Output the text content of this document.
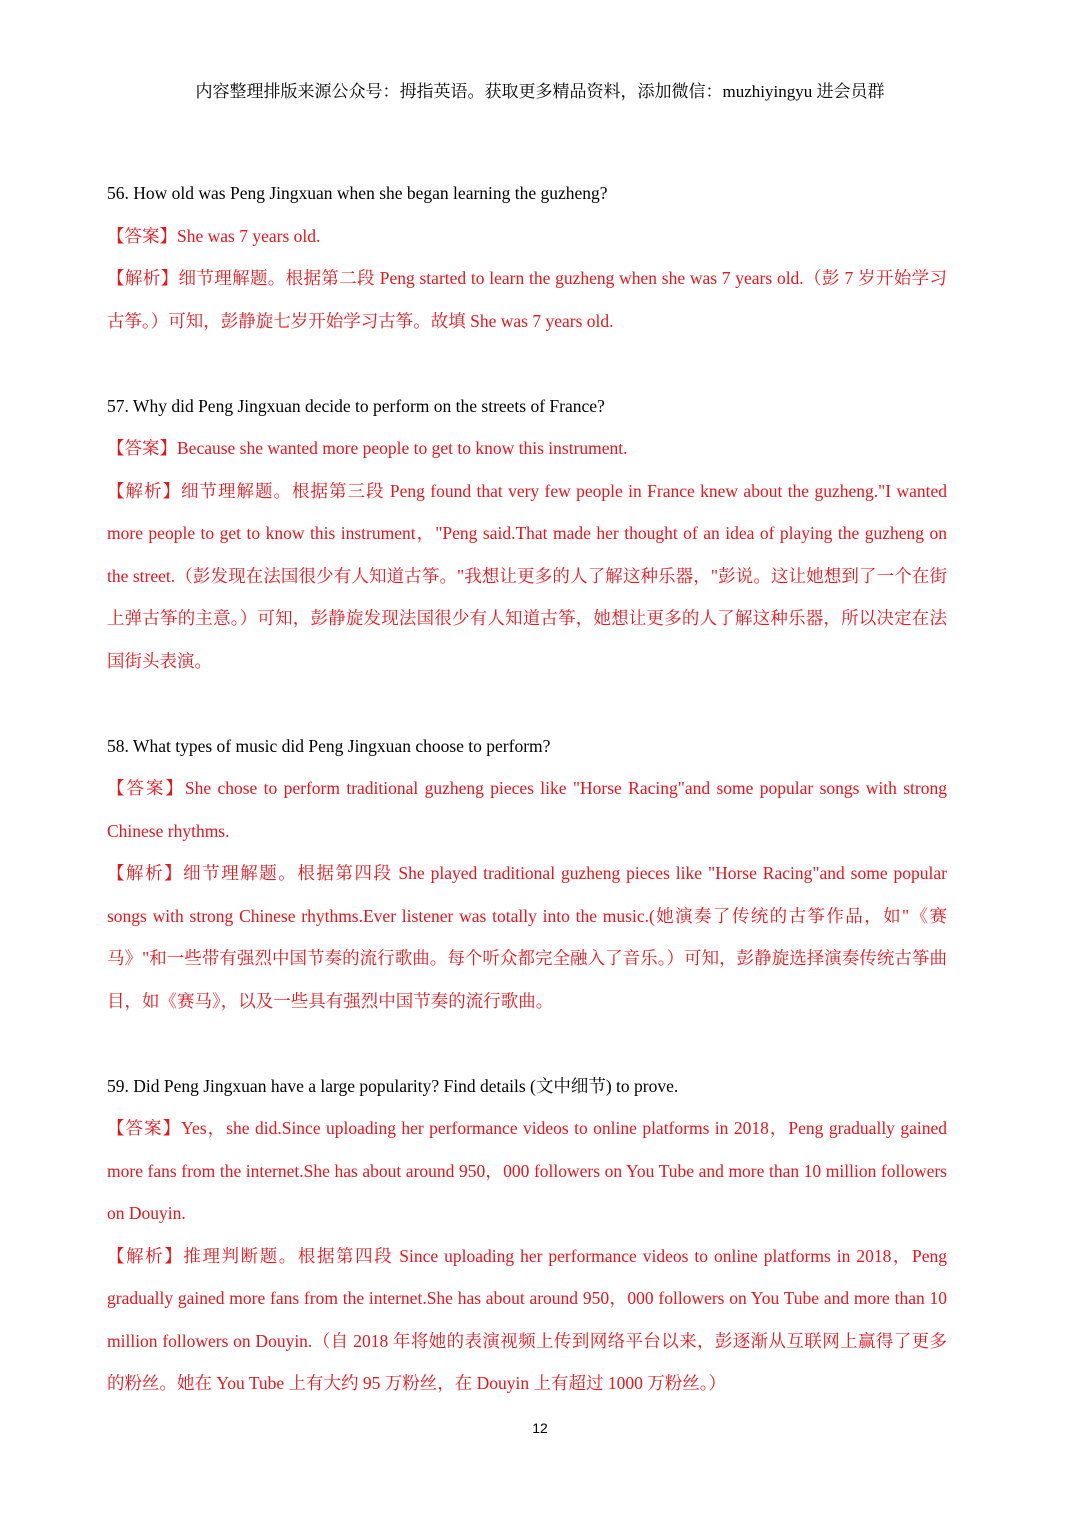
内容整理排版来源公众号：拇指英语。获取更多精品资料，添加微信：muzhiyingyu 进会员群
56. How old was Peng Jingxuan when she began learning the guzheng?
【答案】She was 7 years old.
【解析】细节理解题。根据第二段 Peng started to learn the guzheng when she was 7 years old.（彭 7 岁开始学习古筝。）可知，彭静旋七岁开始学习古筝。故填 She was 7 years old.
57. Why did Peng Jingxuan decide to perform on the streets of France?
【答案】Because she wanted more people to get to know this instrument.
【解析】细节理解题。根据第三段 Peng found that very few people in France knew about the guzheng."I wanted more people to get to know this instrument，"Peng said.That made her thought of an idea of playing the guzheng on the street.（彭发现在法国很少有人知道古筝。"我想让更多的人了解这种乐器，"彭说。这让她想到了一个在街上弹古筝的主意。）可知，彭静旋发现法国很少有人知道古筝，她想让更多的人了解这种乐器，所以决定在法国街头表演。
58. What types of music did Peng Jingxuan choose to perform?
【答案】She chose to perform traditional guzheng pieces like "Horse Racing"and some popular songs with strong Chinese rhythms.
【解析】细节理解题。根据第四段 She played traditional guzheng pieces like "Horse Racing"and some popular songs with strong Chinese rhythms.Ever listener was totally into the music.(她演奏了传统的古筝作品，如"《赛马》"和一些带有强烈中国节奏的流行歌曲。每个听众都完全融入了音乐。）可知，彭静旋选择演奏传统古筝曲目，如《赛马》，以及一些具有强烈中国节奏的流行歌曲。
59. Did Peng Jingxuan have a large popularity? Find details (文中细节) to prove.
【答案】Yes，she did.Since uploading her performance videos to online platforms in 2018，Peng gradually gained more fans from the internet.She has about around 950，000 followers on You Tube and more than 10 million followers on Douyin.
【解析】推理判断题。根据第四段 Since uploading her performance videos to online platforms in 2018，Peng gradually gained more fans from the internet.She has about around 950，000 followers on You Tube and more than 10 million followers on Douyin.（自 2018 年将她的表演视频上传到网络平台以来，彭逐渐从互联网上赢得了更多的粉丝。她在 You Tube 上有大约 95 万粉丝，在 Douyin 上有超过 1000 万粉丝。）
12
